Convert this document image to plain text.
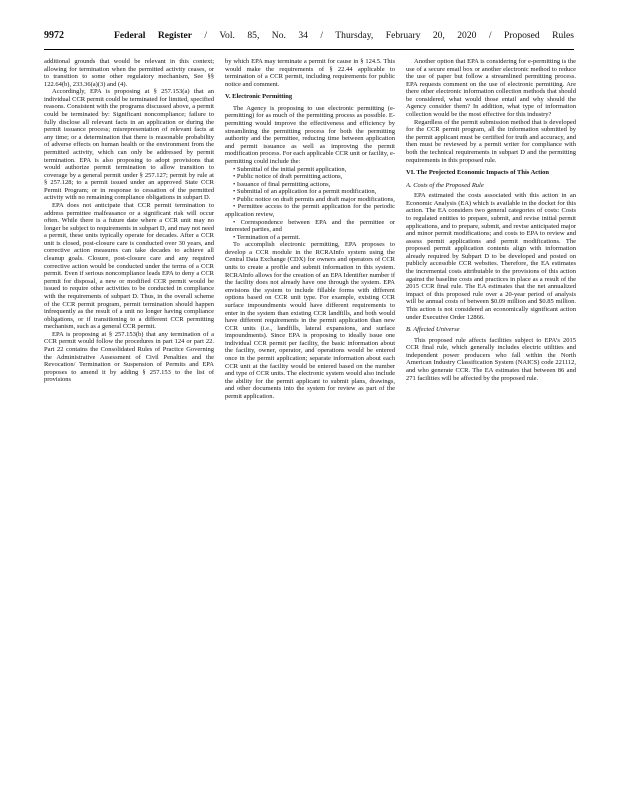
9972	Federal Register / Vol. 85, No. 34 / Thursday, February 20, 2020 / Proposed Rules

additional grounds that would be relevant in this context; allowing for termination when the permitted activity ceases, or to transition to some other regulatory mechanism, See §§ 122.64(b), 233.36(a)(3) and (4).

Accordingly, EPA is proposing at § 257.153(a) that an individual CCR permit could be terminated for limited, specified reasons. Consistent with the programs discussed above, a permit could be terminated by: Significant noncompliance; failure to fully disclose all relevant facts in an application or during the permit issuance process; misrepresentation of relevant facts at any time; or a determination that there is reasonable probability of adverse effects on human health or the environment from the permitted activity, which can only be addressed by permit termination. EPA is also proposing to adopt provisions that would authorize permit termination to allow transition to coverage by a general permit under § 257.127; permit by rule at § 257.128; to a permit issued under an approved State CCR Permit Program; or in response to cessation of the permitted activity with no remaining compliance obligations in subpart D.

EPA does not anticipate that CCR permit termination to address permittee malfeasance or a significant risk will occur often. While there is a future date where a CCR unit may no longer be subject to requirements in subpart D, and may not need a permit, these units typically operate for decades. After a CCR unit is closed, post-closure care is conducted over 30 years, and corrective action measures can take decades to achieve all cleanup goals. Closure, post-closure care and any required corrective action would be conducted under the terms of a CCR permit. Even if serious noncompliance leads EPA to deny a CCR permit for disposal, a new or modified CCR permit would be issued to require other activities to be conducted in compliance with the requirements of subpart D. Thus, in the overall scheme of the CCR permit program, permit termination should happen infrequently as the result of a unit no longer having compliance obligations, or if transitioning to a different CCR permitting mechanism, such as a general CCR permit.

EPA is proposing at § 257.153(b) that any termination of a CCR permit would follow the procedures in part 124 or part 22. Part 22 contains the Consolidated Rules of Practice Governing the Administrative Assessment of Civil Penalties and the Revocation/ Termination or Suspension of Permits and EPA proposes to amend it by adding § 257.153 to the list of provisions

by which EPA may terminate a permit for cause in § 124.5. This would make the requirements of § 22.44 applicable to termination of a CCR permit, including requirements for public notice and comment.

V. Electronic Permitting

The Agency is proposing to use electronic permitting (e-permitting) for as much of the permitting process as possible. E-permitting would improve the effectiveness and efficiency by streamlining the permitting process for both the permitting authority and the permittee, reducing time between application and permit issuance as well as improving the permit modification process. For each applicable CCR unit or facility, e-permitting could include the:

• Submittal of the initial permit application,

• Public notice of draft permitting actions,

• Issuance of final permitting actions,

• Submittal of an application for a permit modification,

• Public notice on draft permits and draft major modifications,

• Permittee access to the permit application for the periodic application review,

• Correspondence between EPA and the permittee or interested parties, and

• Termination of a permit.

To accomplish electronic permitting, EPA proposes to develop a CCR module in the RCRAInfo system using the Central Data Exchange (CDX) for owners and operators of CCR units to create a profile and submit information in this system. RCRAInfo allows for the creation of an EPA Identifier number if the facility does not already have one through the system. EPA envisions the system to include fillable forms with different options based on CCR unit type. For example, existing CCR surface impoundments would have different requirements to enter in the system than existing CCR landfills, and both would have different requirements in the permit application than new CCR units (i.e., landfills, lateral expansions, and surface impoundments). Since EPA is proposing to ideally issue one individual CCR permit per facility, the basic information about the facility, owner, operator, and operations would be entered once in the permit application; separate information about each CCR unit at the facility would be entered based on the number and type of CCR units. The electronic system would also include the ability for the permit applicant to submit plans, drawings, and other documents into the system for review as part of the permit application.

Another option that EPA is considering for e-permitting is the use of a secure email box or another electronic method to reduce the use of paper but follow a streamlined permitting process. EPA requests comment on the use of electronic permitting. Are there other electronic information collection methods that should be considered, what would those entail and why should the Agency consider them? In addition, what type of information collection would be the most effective for this industry?

Regardless of the permit submission method that is developed for the CCR permit program, all the information submitted by the permit applicant must be certified for truth and accuracy, and then must be reviewed by a permit writer for compliance with both the technical requirements in subpart D and the permitting requirements in this proposed rule.

VI. The Projected Economic Impacts of This Action
A. Costs of the Proposed Rule

EPA estimated the costs associated with this action in an Economic Analysis (EA) which is available in the docket for this action. The EA considers two general categories of costs: Costs to regulated entities to prepare, submit, and revise initial permit applications, and to prepare, submit, and revise anticipated major and minor permit modifications; and costs to EPA to review and assess permit applications and permit modifications. The proposed permit application contents align with information already required by Subpart D to be developed and posted on publicly accessible CCR websites. Therefore, the EA estimates the incremental costs attributable to the provisions of this action against the baseline costs and practices in place as a result of the 2015 CCR final rule. The EA estimates that the net annualized impact of this proposed rule over a 20-year period of analysis will be annual costs of between $0.09 million and $0.85 million. This action is not considered an economically significant action under Executive Order 12866.

B. Affected Universe

This proposed rule affects facilities subject to EPA’s 2015 CCR final rule, which generally includes electric utilities and independent power producers who fall within the North American Industry Classification System (NAICS) code 221112, and who generate CCR. The EA estimates that between 86 and 271 facilities will be affected by the proposed rule.
